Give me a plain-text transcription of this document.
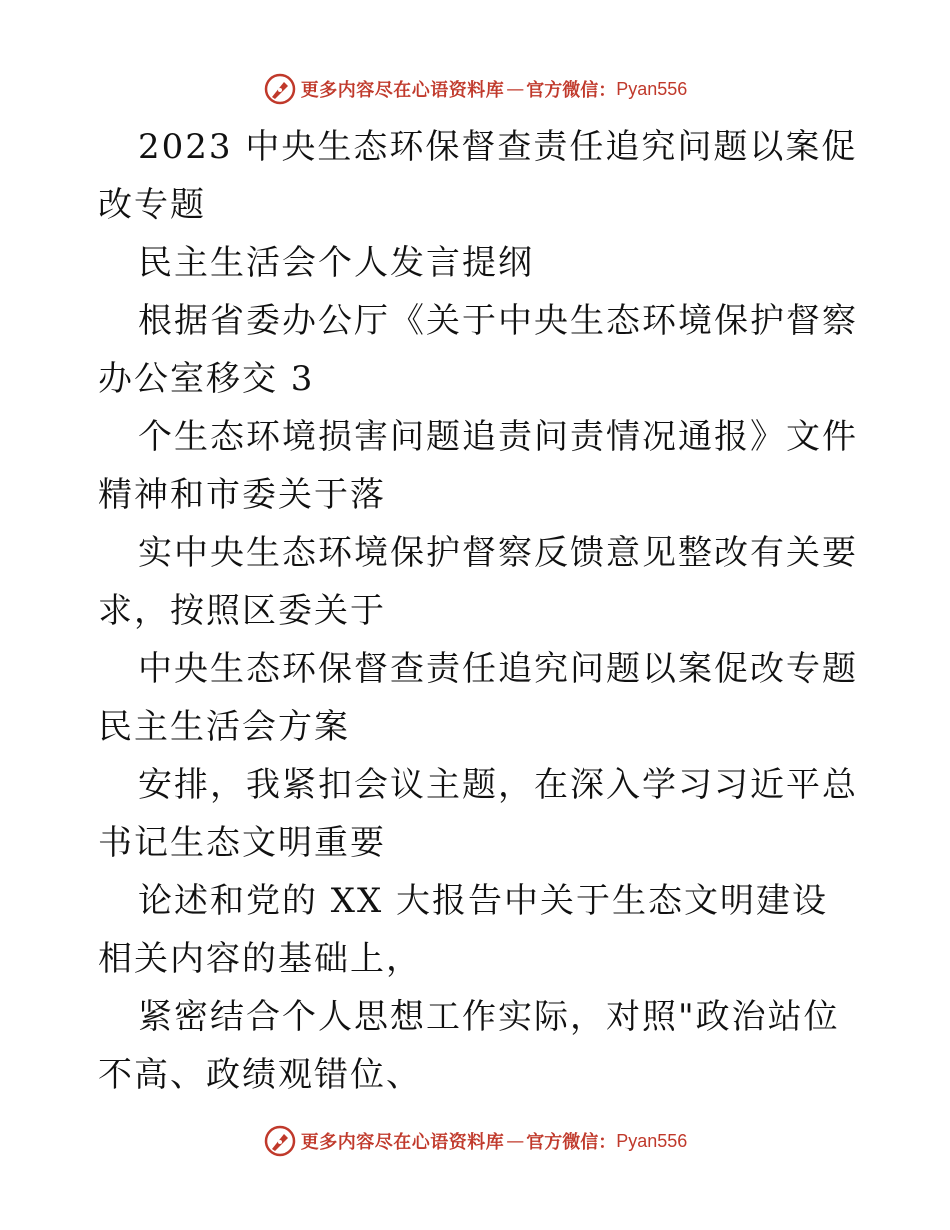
更多内容尽在心语资料库 — 官方微信： Pyan556

2023 中央生态环保督查责任追究问题以案促改专题

民主生活会个人发言提纲

根据省委办公厅《关于中央生态环境保护督察办公室移交 3

个生态环境损害问题追责问责情况通报》文件精神和市委关于落

实中央生态环境保护督察反馈意见整改有关要求，按照区委关于

中央生态环保督查责任追究问题以案促改专题民主生活会方案

安排，我紧扣会议主题，在深入学习习近平总书记生态文明重要

论述和党的 XX 大报告中关于生态文明建设相关内容的基础上，

紧密结合个人思想工作实际，对照"政治站位不高、政绩观错位、

更多内容尽在心语资料库 — 官方微信： Pyan556
